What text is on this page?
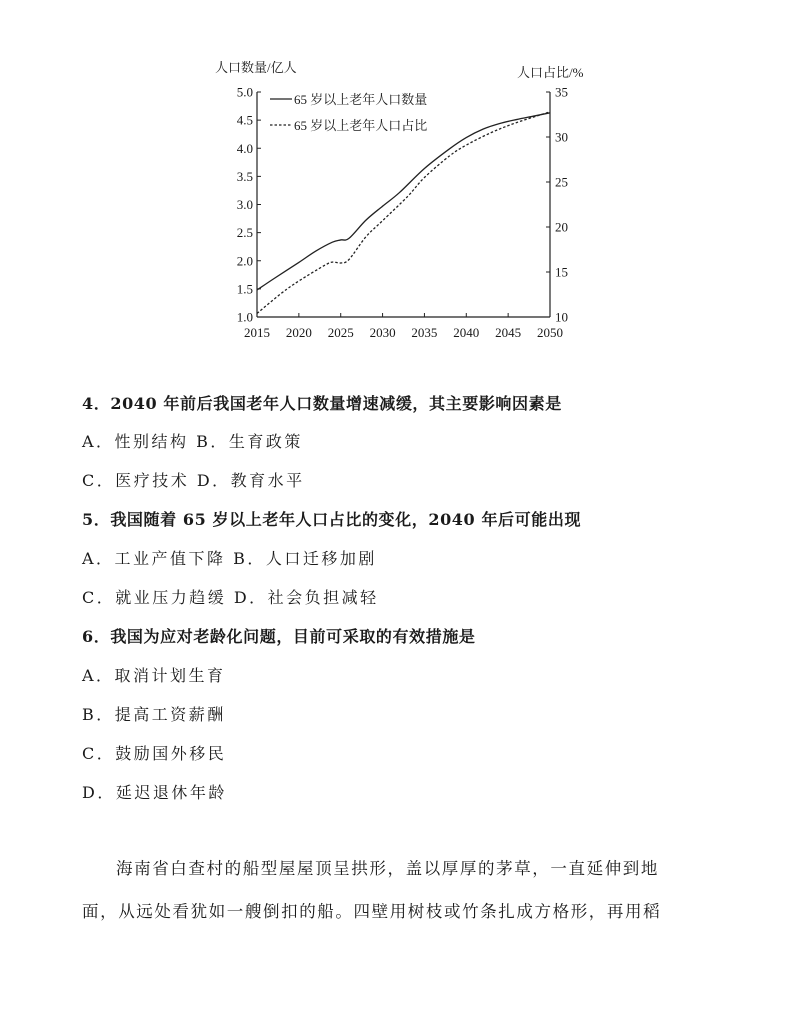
人口数量/亿人	人口占比/%
1.0
1.5
2.0
2.5
3.0
3.5
4.0
4.5
5.0
10
15
20
25
30
35
2015 2020 2025 2030 2035 2040 2045 2050
65 岁以上老年人口数量
65 岁以上老年人口占比
4．2040 年前后我国老年人口数量增速减缓，其主要影响因素是
A．性别结构 B．生育政策
C．医疗技术 D．教育水平
5．我国随着 65 岁以上老年人口占比的变化，2040 年后可能出现
A．工业产值下降 B．人口迁移加剧
C．就业压力趋缓 D．社会负担减轻
6．我国为应对老龄化问题，目前可采取的有效措施是
A．取消计划生育
B．提高工资薪酬
C．鼓励国外移民
D．延迟退休年龄
海南省白查村的船型屋屋顶呈拱形，盖以厚厚的茅草，一直延伸到地
面，从远处看犹如一艘倒扣的船。四壁用树枝或竹条扎成方格形，再用稻
